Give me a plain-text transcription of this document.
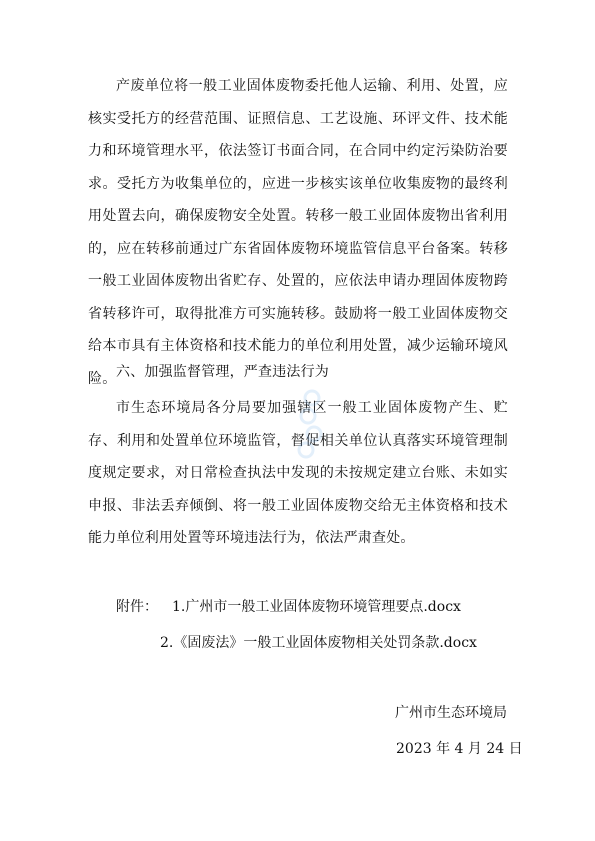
产废单位将一般工业固体废物委托他人运输、利用、处置，应核实受托方的经营范围、证照信息、工艺设施、环评文件、技术能力和环境管理水平，依法签订书面合同，在合同中约定污染防治要求。受托方为收集单位的，应进一步核实该单位收集废物的最终利用处置去向，确保废物安全处置。转移一般工业固体废物出省利用的，应在转移前通过广东省固体废物环境监管信息平台备案。转移一般工业固体废物出省贮存、处置的，应依法申请办理固体废物跨省转移许可，取得批准方可实施转移。鼓励将一般工业固体废物交给本市具有主体资格和技术能力的单位利用处置，减少运输环境风险。 六、加强监督管理，严查违法行为

市生态环境局各分局要加强辖区一般工业固体废物产生、贮存、利用和处置单位环境监管，督促相关单位认真落实环境管理制度规定要求，对日常检查执法中发现的未按规定建立台账、未如实申报、非法丢弃倾倒、将一般工业固体废物交给无主体资格和技术能力单位利用处置等环境违法行为，依法严肃查处。

附件： 1.广州市一般工业固体废物环境管理要点.docx
2.《固废法》一般工业固体废物相关处罚条款.docx
广州市生态环境局
2023 年 4 月 24 日
